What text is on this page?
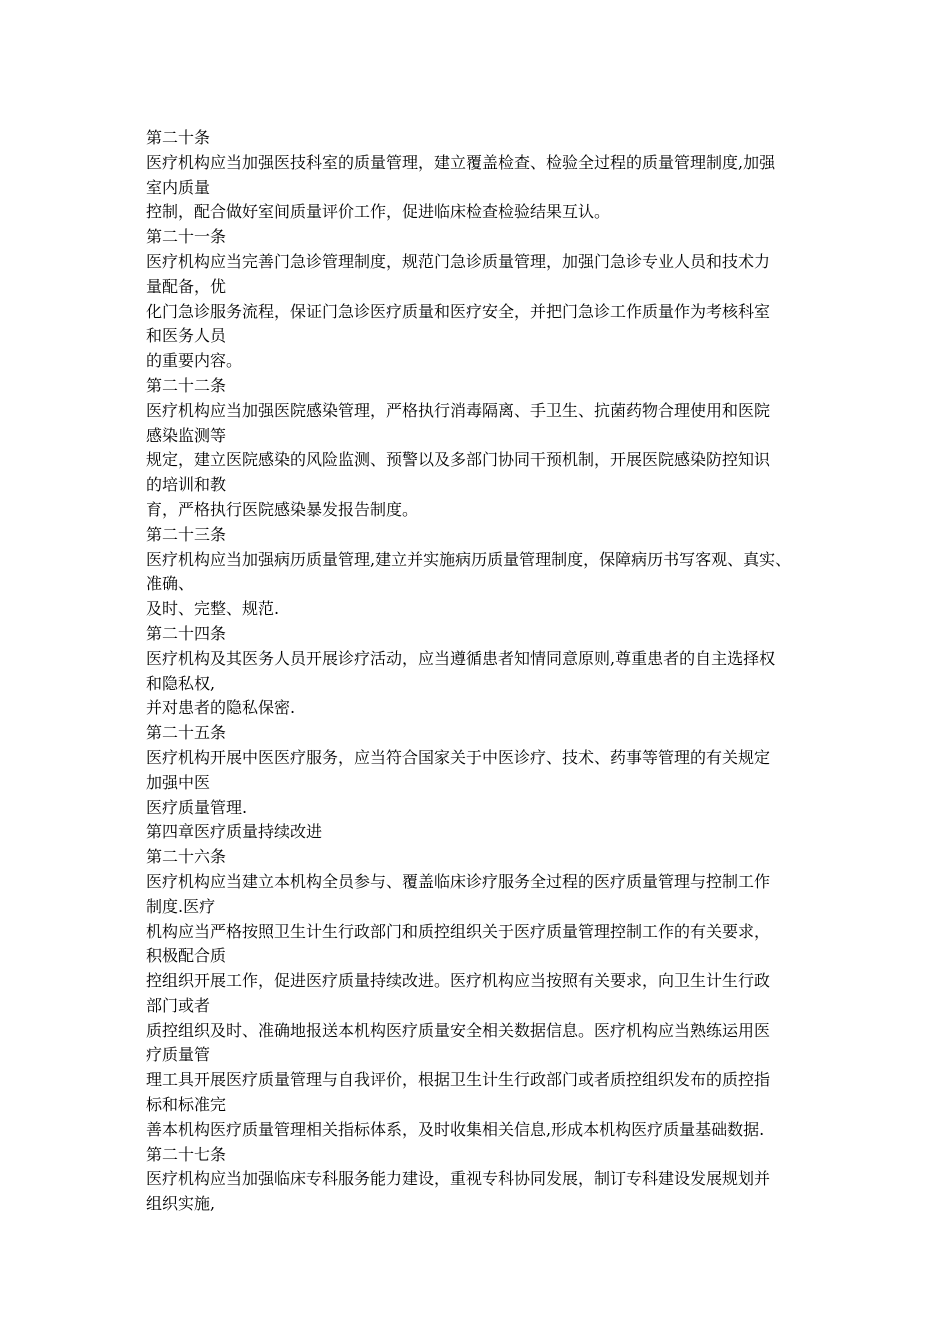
第二十条
医疗机构应当加强医技科室的质量管理，建立覆盖检查、检验全过程的质量管理制度,加强
室内质量
控制，配合做好室间质量评价工作，促进临床检查检验结果互认。
第二十一条
医疗机构应当完善门急诊管理制度，规范门急诊质量管理，加强门急诊专业人员和技术力
量配备，优
化门急诊服务流程，保证门急诊医疗质量和医疗安全，并把门急诊工作质量作为考核科室
和医务人员
的重要内容。
第二十二条
医疗机构应当加强医院感染管理，严格执行消毒隔离、手卫生、抗菌药物合理使用和医院
感染监测等
规定，建立医院感染的风险监测、预警以及多部门协同干预机制，开展医院感染防控知识
的培训和教
育，严格执行医院感染暴发报告制度。
第二十三条
医疗机构应当加强病历质量管理,建立并实施病历质量管理制度，保障病历书写客观、真实、
准确、
及时、完整、规范.
第二十四条
医疗机构及其医务人员开展诊疗活动，应当遵循患者知情同意原则,尊重患者的自主选择权
和隐私权,
并对患者的隐私保密.
第二十五条
医疗机构开展中医医疗服务，应当符合国家关于中医诊疗、技术、药事等管理的有关规定
加强中医
医疗质量管理.
第四章医疗质量持续改进
第二十六条
医疗机构应当建立本机构全员参与、覆盖临床诊疗服务全过程的医疗质量管理与控制工作
制度.医疗
机构应当严格按照卫生计生行政部门和质控组织关于医疗质量管理控制工作的有关要求，
积极配合质
控组织开展工作，促进医疗质量持续改进。医疗机构应当按照有关要求，向卫生计生行政
部门或者
质控组织及时、准确地报送本机构医疗质量安全相关数据信息。医疗机构应当熟练运用医
疗质量管
理工具开展医疗质量管理与自我评价，根据卫生计生行政部门或者质控组织发布的质控指
标和标准完
善本机构医疗质量管理相关指标体系，及时收集相关信息,形成本机构医疗质量基础数据.
第二十七条
医疗机构应当加强临床专科服务能力建设，重视专科协同发展，制订专科建设发展规划并
组织实施,
